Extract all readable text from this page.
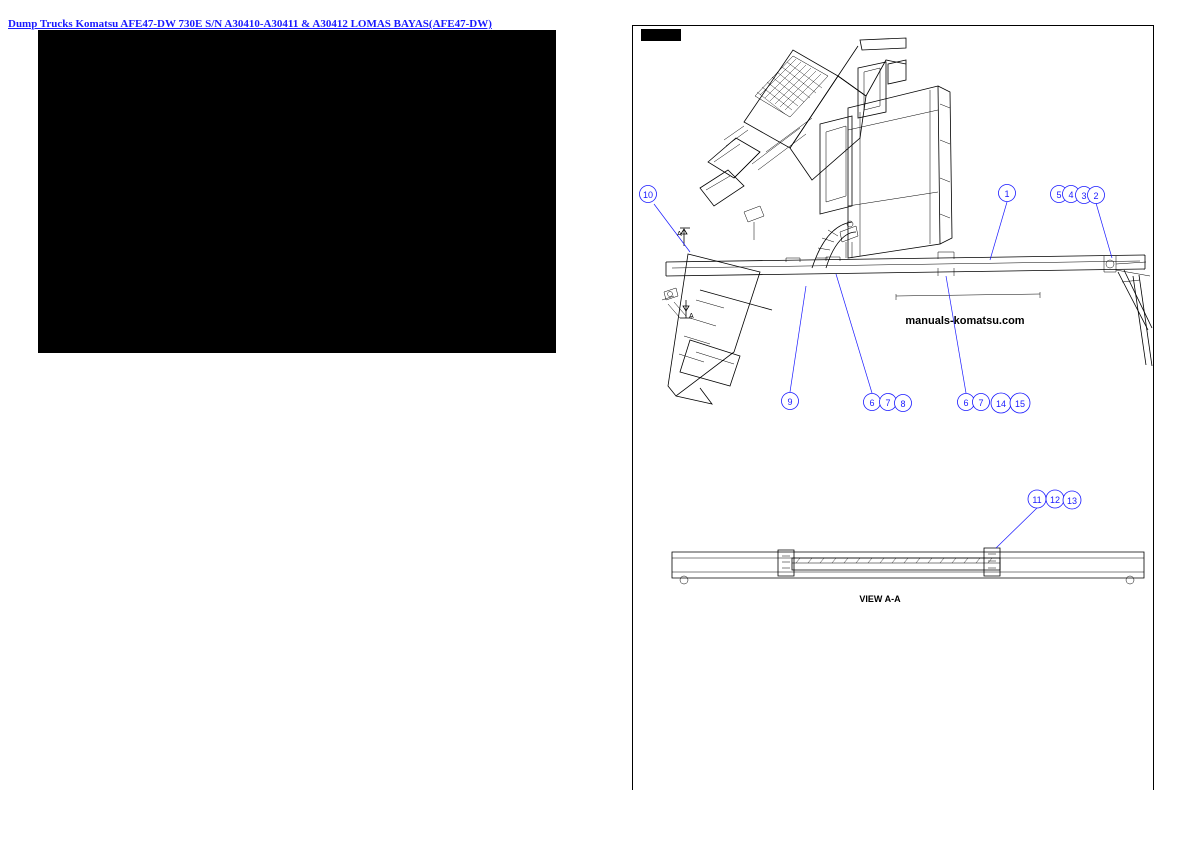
Dump Trucks Komatsu AFE47-DW 730E S/N A30410-A30411 & A30412 LOMAS BAYAS(AFE47-DW)
A
A	manuals-komatsu.com
10	1	5 4 3 2
9	6 7 8	6 7 14 15
VIEW A-A
11 12 13
